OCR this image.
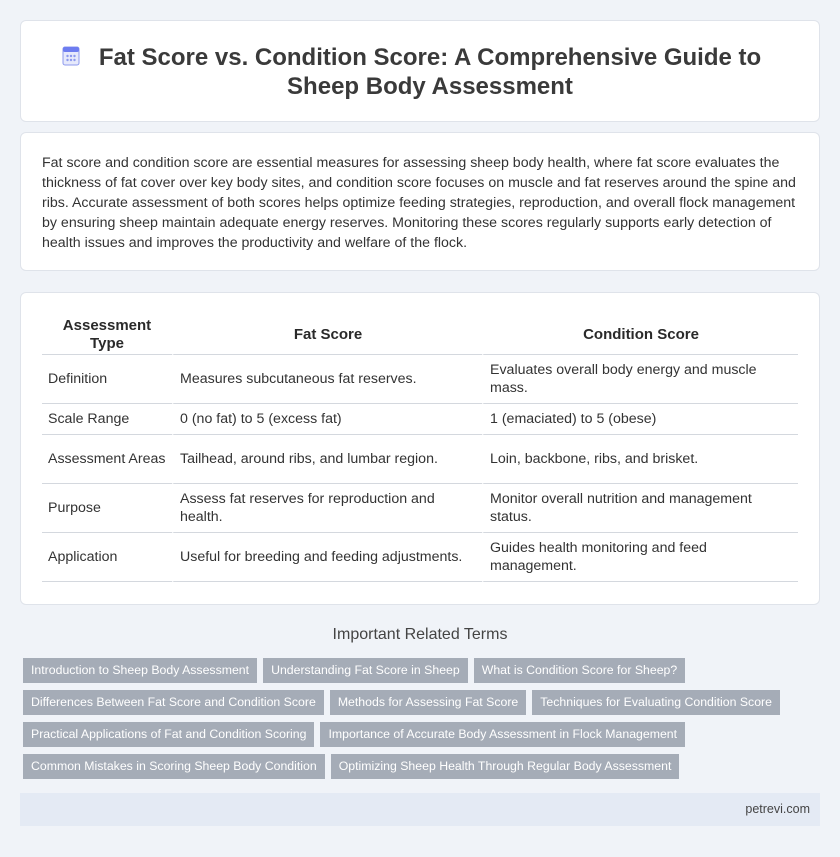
Fat Score vs. Condition Score: A Comprehensive Guide to Sheep Body Assessment

Fat score and condition score are essential measures for assessing sheep body health, where fat score evaluates the thickness of fat cover over key body sites, and condition score focuses on muscle and fat reserves around the spine and ribs. Accurate assessment of both scores helps optimize feeding strategies, reproduction, and overall flock management by ensuring sheep maintain adequate energy reserves. Monitoring these scores regularly supports early detection of health issues and improves the productivity and welfare of the flock.

Assessment Type	Fat Score	Condition Score
Definition	Measures subcutaneous fat reserves.	Evaluates overall body energy and muscle mass.
Scale Range	0 (no fat) to 5 (excess fat)	1 (emaciated) to 5 (obese)
Assessment Areas	Tailhead, around ribs, and lumbar region.	Loin, backbone, ribs, and brisket.
Purpose	Assess fat reserves for reproduction and health.	Monitor overall nutrition and management status.
Application	Useful for breeding and feeding adjustments.	Guides health monitoring and feed management.
Important Related Terms
Introduction to Sheep Body Assessment	Understanding Fat Score in Sheep	What is Condition Score for Sheep?
Differences Between Fat Score and Condition Score	Methods for Assessing Fat Score	Techniques for Evaluating Condition Score
Practical Applications of Fat and Condition Scoring	Importance of Accurate Body Assessment in Flock Management
Common Mistakes in Scoring Sheep Body Condition	Optimizing Sheep Health Through Regular Body Assessment
petrevi.com
